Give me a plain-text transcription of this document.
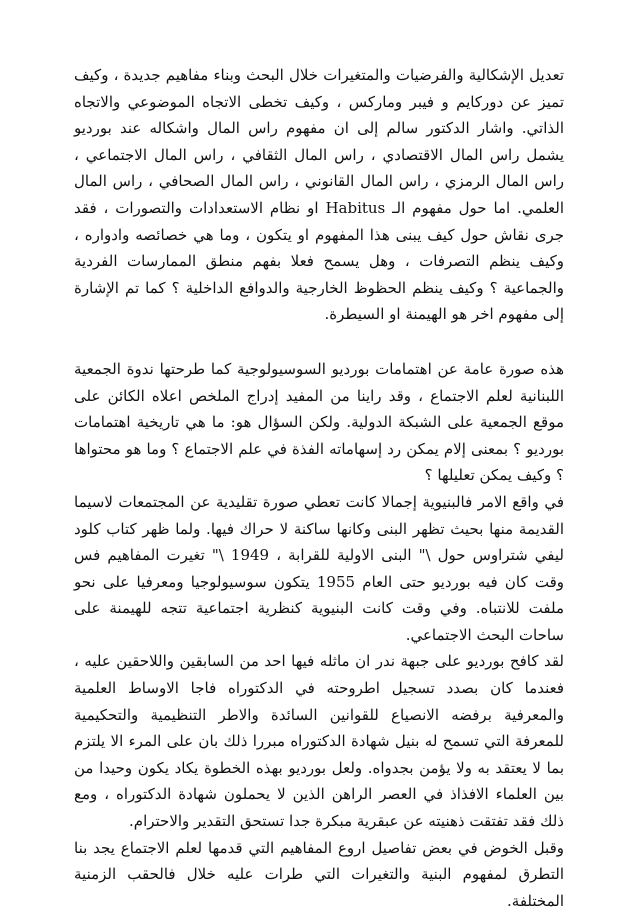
تعديل الإشكالية والفرضيات والمتغيرات خلال البحث وبناء مفاهيم جديدة ، وكيف تميز عن دوركايم و فيبر وماركس ، وكيف تخطى الاتجاه الموضوعي والاتجاه الذاتي. واشار الدكتور سالم إلى ان مفهوم راس المال واشكاله عند بورديو يشمل راس المال الاقتصادي ، راس المال الثقافي ، راس المال الاجتماعي ، راس المال الرمزي ، راس المال القانوني ، راس المال الصحافي ، راس المال العلمي. اما حول مفهوم الـ Habitus او نظام الاستعدادات والتصورات ، فقد جرى نقاش حول كيف يبنى هذا المفهوم او يتكون ، وما هي خصائصه وادواره ، وكيف ينظم التصرفات ، وهل يسمح فعلا بفهم منطق الممارسات الفردية والجماعية ؟ وكيف ينظم الحظوظ الخارجية والدوافع الداخلية ؟ كما تم الإشارة إلى مفهوم اخر هو الهيمنة او السيطرة.

هذه صورة عامة عن اهتمامات بورديو السوسيولوجية كما طرحتها ندوة الجمعية اللبنانية لعلم الاجتماع ، وقد راينا من المفيد إدراج الملخص اعلاه الكائن على موقع الجمعية على الشبكة الدولية. ولكن السؤال هو: ما هي تاريخية اهتمامات بورديو ؟ بمعنى إلام يمكن رد إسهاماته الفذة في علم الاجتماع ؟ وما هو محتواها ؟ وكيف يمكن تعليلها ؟

في واقع الامر فالبنيوية إجمالا كانت تعطي صورة تقليدية عن المجتمعات لاسيما القديمة منها بحيث تظهر البنى وكانها ساكنة لا حراك فيها. ولما ظهر كتاب كلود ليفي شتراوس حول \" البنى الاولية للقرابة ، 1949 \" تغيرت المفاهيم فس وقت كان فيه بورديو حتى العام 1955 يتكون سوسيولوجيا ومعرفيا على نحو ملفت للانتباه. وفي وقت كانت البنيوية كنظرية اجتماعية تتجه للهيمنة على ساحات البحث الاجتماعي.

لقد كافح بورديو على جبهة ندر ان ماثله فيها احد من السابقين واللاحقين عليه ، فعندما كان بصدد تسجيل اطروحته في الدكتوراه فاجا الاوساط العلمية والمعرفية برفضه الانصياع للقوانين السائدة والاطر التنظيمية والتحكيمية للمعرفة التي تسمح له بنيل شهادة الدكتوراه مبررا ذلك بان على المرء الا يلتزم بما لا يعتقد به ولا يؤمن بجدواه. ولعل بورديو بهذه الخطوة يكاد يكون وحيدا من بين العلماء الافذاذ في العصر الراهن الذين لا يحملون شهادة الدكتوراه ، ومع ذلك فقد تفتقت ذهنيته عن عبقرية مبكرة جدا تستحق التقدير والاحترام.

وقبل الخوض في بعض تفاصيل اروع المفاهيم التي قدمها لعلم الاجتماع يجد بنا التطرق لمفهوم البنية والتغيرات التي طرات عليه خلال فالحقب الزمنية المختلفة.
